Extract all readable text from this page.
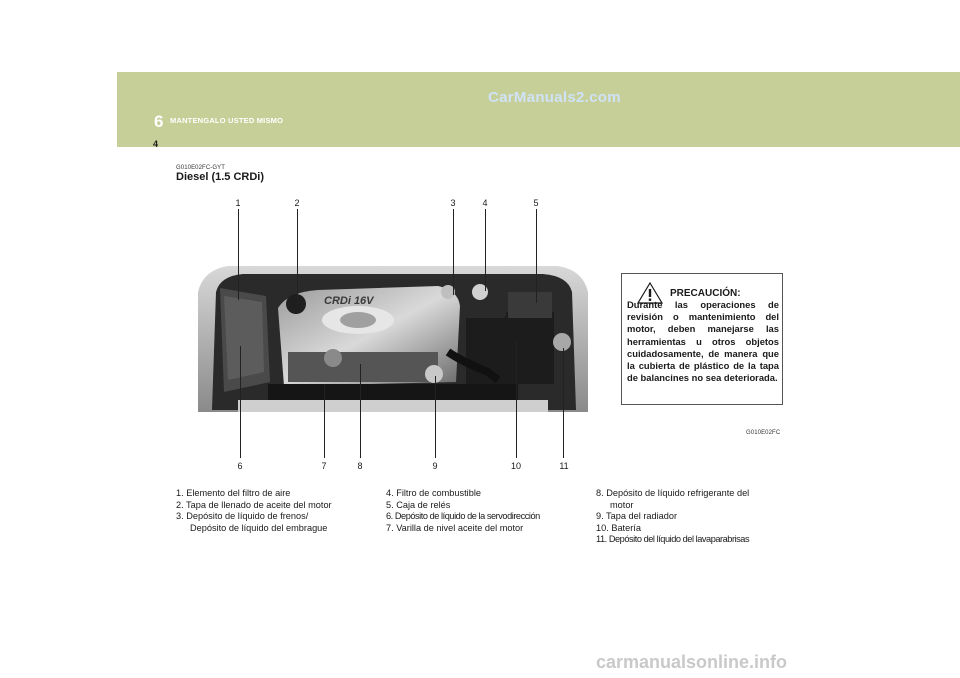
6 MANTENGALO USTED MISMO
CarManuals2.com
4
G010E02FC-GYT
Diesel (1.5 CRDi)
1	2	3	4	5
CRDi 16V
6	7	8	9	10	11
PRECAUCIÓN:
Durante las operaciones de revisión o mantenimiento del motor, deben manejarse las herramientas u otros objetos cuidadosamente, de manera que la cubierta de plástico de la tapa de balancines no sea deteriorada.
G010E02FC
1. Elemento del filtro de aire
2. Tapa de llenado de aceite del motor
3. Depósito de líquido de frenos/
Depósito de líquido del embrague
4. Filtro de combustible
5. Caja de relés
6. Depósito de líquido de la servodirección
7. Varilla de nivel aceite del motor
8. Depósito de líquido refrigerante del
motor
9. Tapa del radiador
10. Batería
11. Depósito del líquido del lavaparabrisas
carmanualsonline.info
